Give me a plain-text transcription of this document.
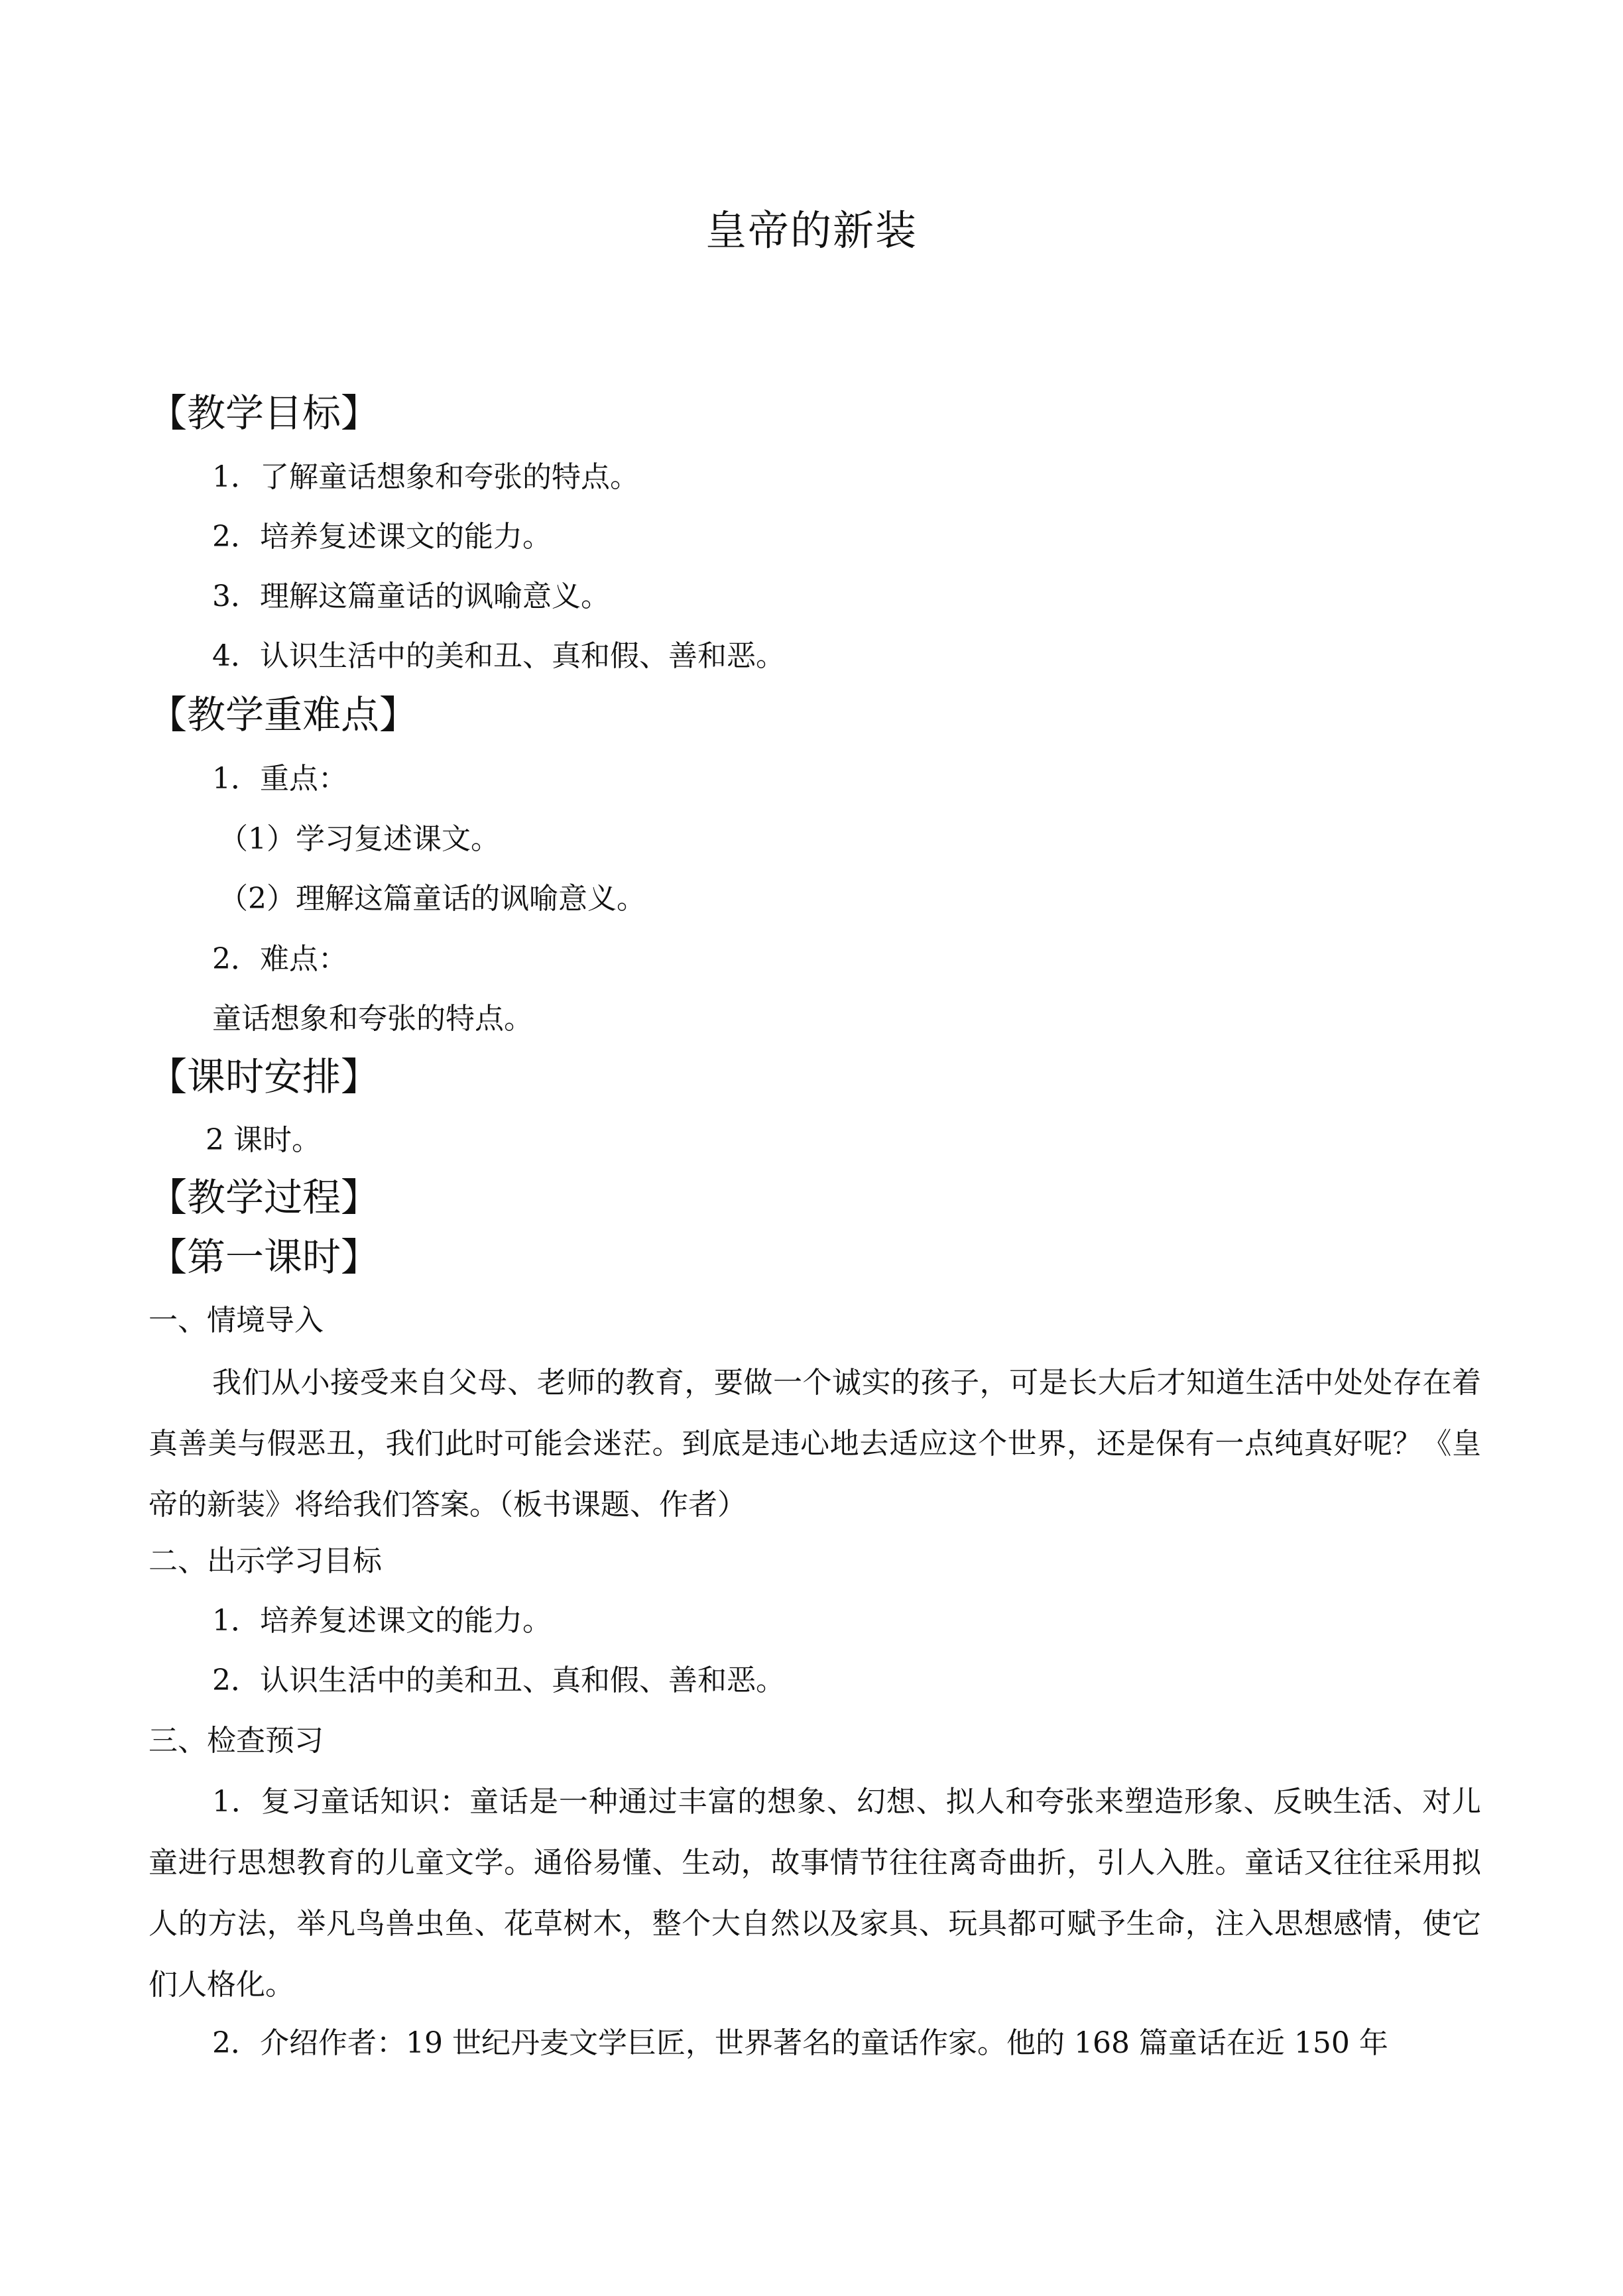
皇帝的新装
【教学目标】
1．了解童话想象和夸张的特点。
2．培养复述课文的能力。
3．理解这篇童话的讽喻意义。
4．认识生活中的美和丑、真和假、善和恶。
【教学重难点】
1．重点：
（1）学习复述课文。
（2）理解这篇童话的讽喻意义。
2．难点：
童话想象和夸张的特点。
【课时安排】
2 课时。
【教学过程】
【第一课时】
一、情境导入
我们从小接受来自父母、老师的教育，要做一个诚实的孩子，可是长大后才知道生活中处处存在着真善美与假恶丑，我们此时可能会迷茫。到底是违心地去适应这个世界，还是保有一点纯真好呢？《皇帝的新装》将给我们答案。（板书课题、作者）
二、出示学习目标
1．培养复述课文的能力。
2．认识生活中的美和丑、真和假、善和恶。
三、检查预习
1．复习童话知识：童话是一种通过丰富的想象、幻想、拟人和夸张来塑造形象、反映生活、对儿童进行思想教育的儿童文学。通俗易懂、生动，故事情节往往离奇曲折，引人入胜。童话又往往采用拟人的方法，举凡鸟兽虫鱼、花草树木，整个大自然以及家具、玩具都可赋予生命，注入思想感情，使它们人格化。
2．介绍作者：19 世纪丹麦文学巨匠，世界著名的童话作家。他的 168 篇童话在近 150 年
